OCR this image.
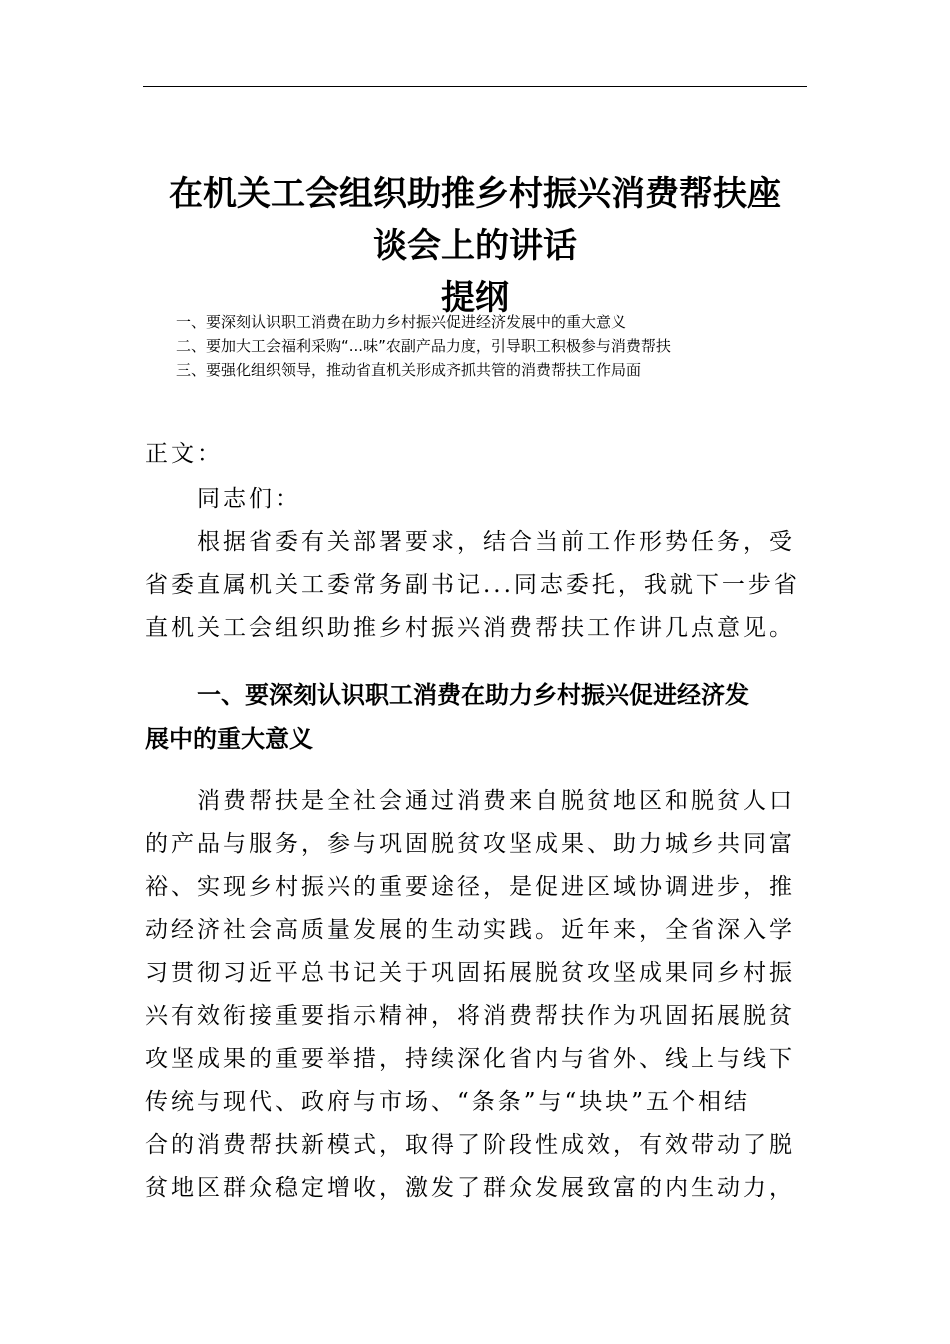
在机关工会组织助推乡村振兴消费帮扶座
谈会上的讲话
提纲
一、要深刻认识职工消费在助力乡村振兴促进经济发展中的重大意义
二、要加大工会福利采购“...味”农副产品力度，引导职工积极参与消费帮扶
三、要强化组织领导，推动省直机关形成齐抓共管的消费帮扶工作局面
正文：
同志们：
根据省委有关部署要求，结合当前工作形势任务，受
省委直属机关工委常务副书记...同志委托，我就下一步省
直机关工会组织助推乡村振兴消费帮扶工作讲几点意见。
一、要深刻认识职工消费在助力乡村振兴促进经济发
展中的重大意义
消费帮扶是全社会通过消费来自脱贫地区和脱贫人口
的产品与服务，参与巩固脱贫攻坚成果、助力城乡共同富
裕、实现乡村振兴的重要途径，是促进区域协调进步，推
动经济社会高质量发展的生动实践。近年来，全省深入学
习贯彻习近平总书记关于巩固拓展脱贫攻坚成果同乡村振
兴有效衔接重要指示精神，将消费帮扶作为巩固拓展脱贫
攻坚成果的重要举措，持续深化省内与省外、线上与线下
传统与现代、政府与市场、“条条”与“块块”五个相结
合的消费帮扶新模式，取得了阶段性成效，有效带动了脱
贫地区群众稳定增收，激发了群众发展致富的内生动力，
